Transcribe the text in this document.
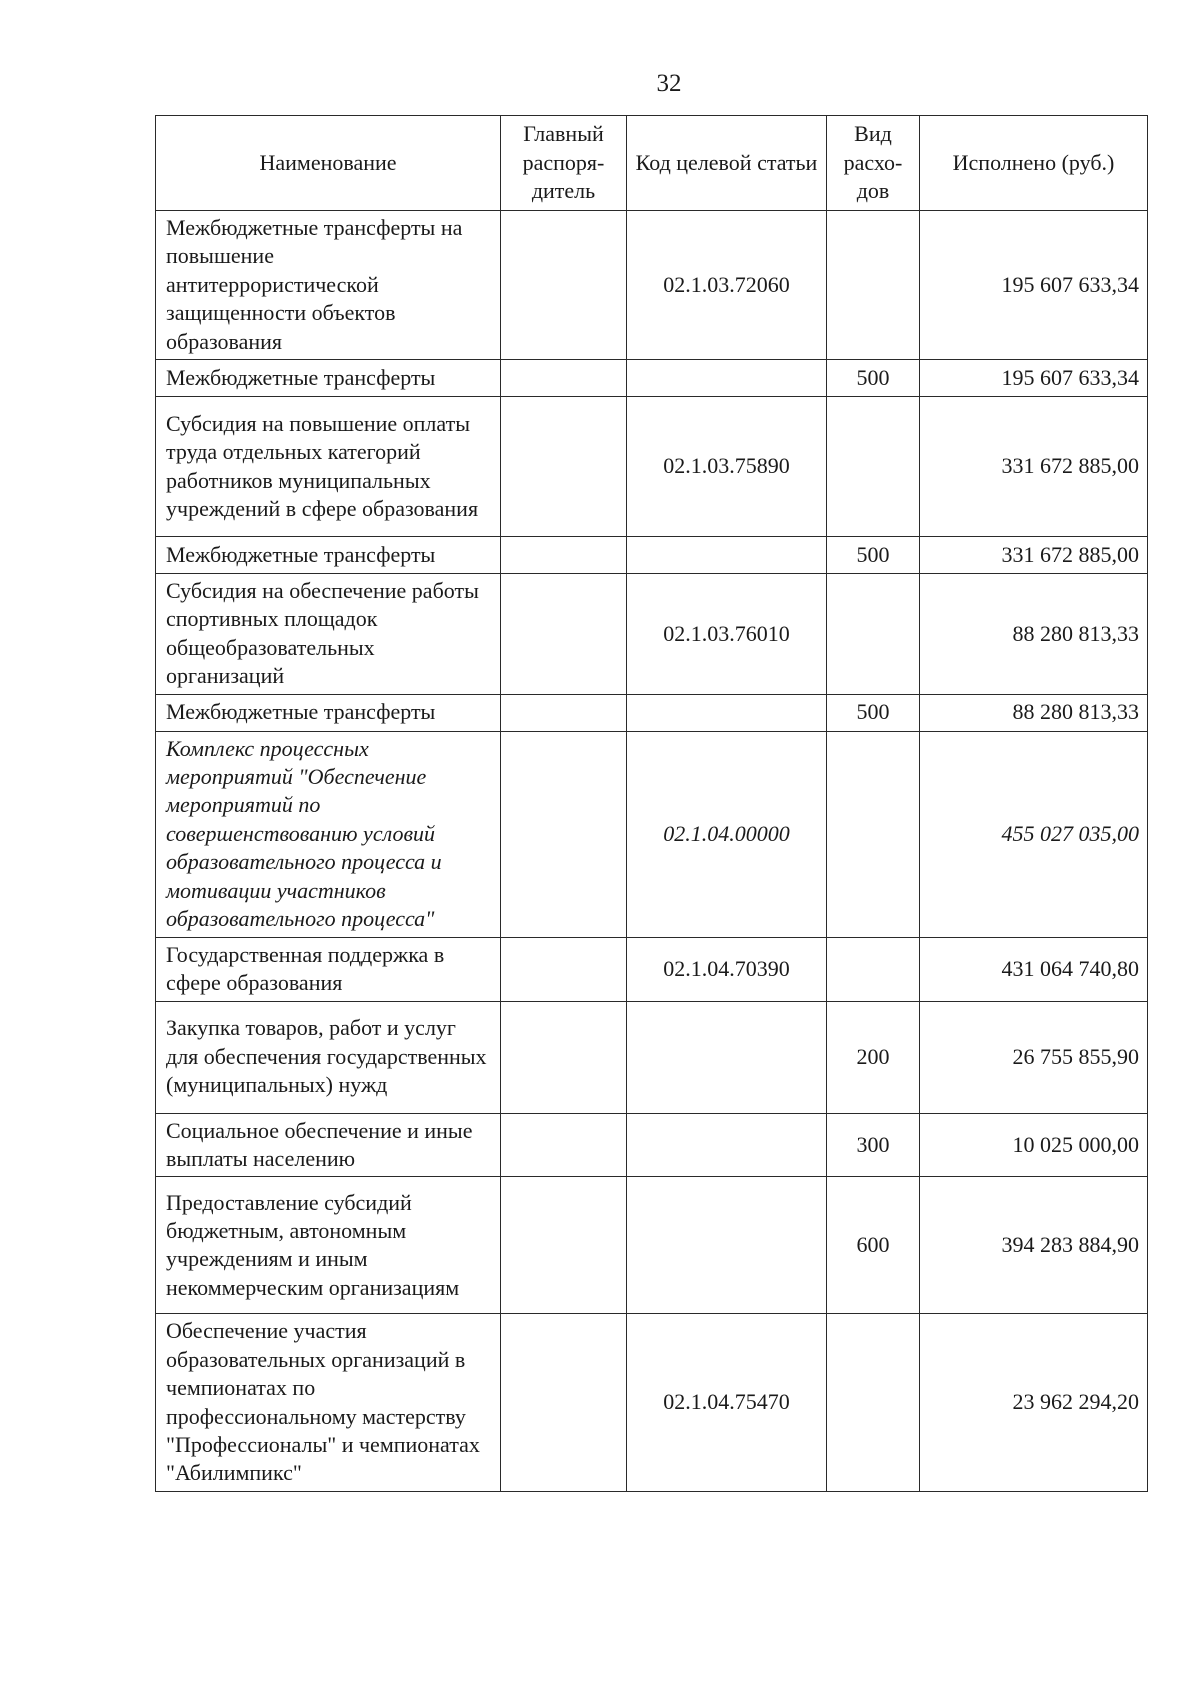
32
Наименование	Главный распоря-дитель	Код целевой статьи	Вид расхо-дов	Исполнено (руб.)
Межбюджетные трансферты на повышение антитеррористической защищенности объектов образования		02.1.03.72060		195 607 633,34
Межбюджетные трансферты			500	195 607 633,34
Субсидия на повышение оплаты труда отдельных категорий работников муниципальных учреждений в сфере образования		02.1.03.75890		331 672 885,00
Межбюджетные трансферты			500	331 672 885,00
Субсидия на обеспечение работы спортивных площадок общеобразовательных организаций		02.1.03.76010		88 280 813,33
Межбюджетные трансферты			500	88 280 813,33
Комплекс процессных мероприятий "Обеспечение мероприятий по совершенствованию условий образовательного процесса и мотивации участников образовательного процесса"		02.1.04.00000		455 027 035,00
Государственная поддержка в сфере образования		02.1.04.70390		431 064 740,80
Закупка товаров, работ и услуг для обеспечения государственных (муниципальных) нужд			200	26 755 855,90
Социальное обеспечение и иные выплаты населению			300	10 025 000,00
Предоставление субсидий бюджетным, автономным учреждениям и иным некоммерческим организациям			600	394 283 884,90
Обеспечение участия образовательных организаций в чемпионатах по профессиональному мастерству "Профессионалы" и чемпионатах "Абилимпикс"		02.1.04.75470		23 962 294,20
